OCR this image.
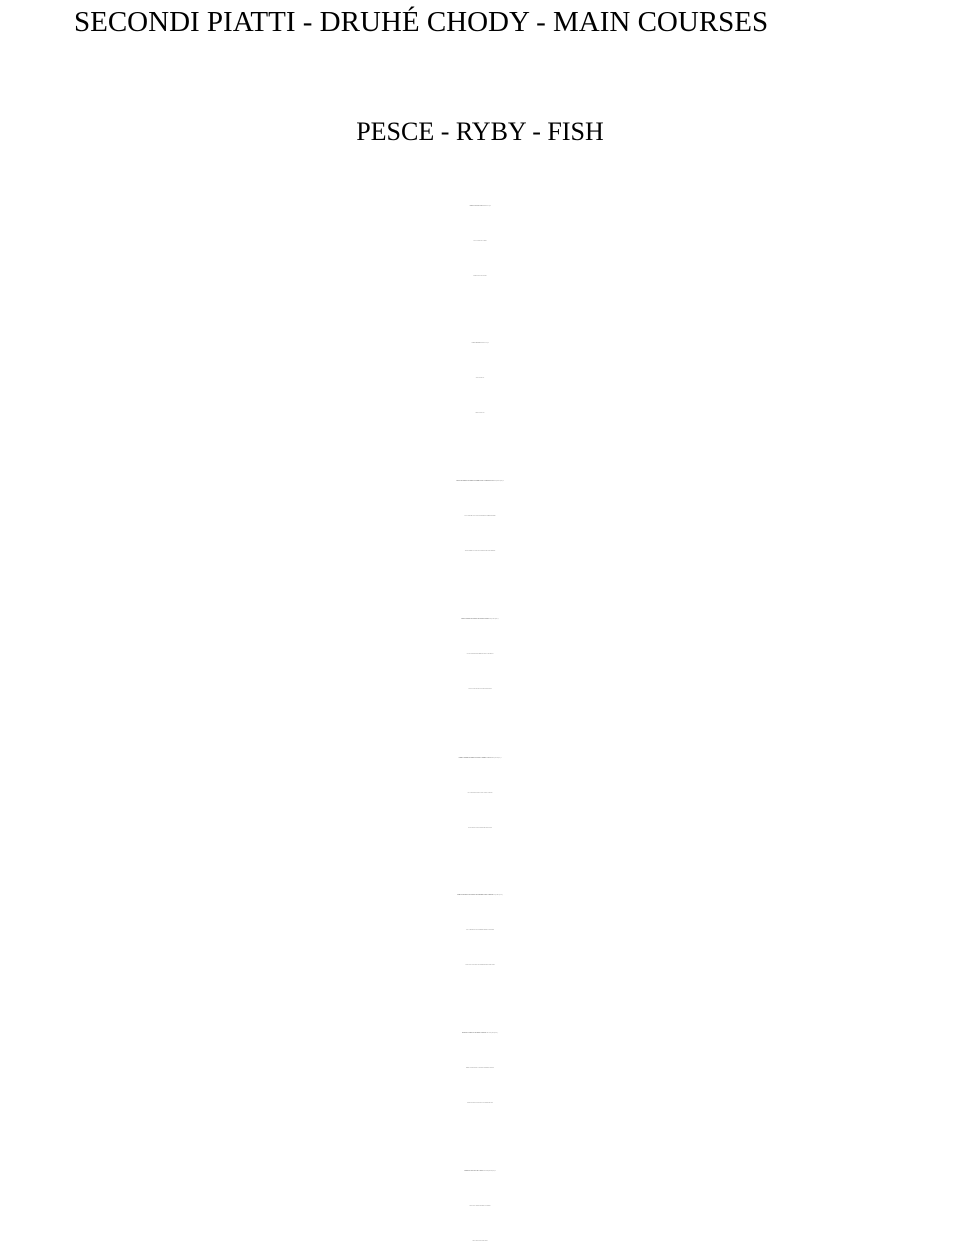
SECONDI PIATTI - DRUHÉ CHODY - MAIN COURSES
PESCE - RYBY - FISH
Gamberi al vino bianco e timo 200g/345 Kč/€14,4
krevety na bílém víně a tymiánu
shrimps in white wine and thyme
Cozze al vino bianco 600g/345 Kč/€14,4
slávky na bílém víně
mussels in white wine
Trancio di salmone alla griglia con pasta d'olive e pomodori secchi 200g/325 Kč/€13,5
filet z lososa na grilu s olivovou tapenádou a sušenými rajčaty
grilled salmon fillet with olive tapenade and dried tomatoes
Trancio di tonno alla griglia con ravanello bianco 200g/425 Kč/€17,7
filet ze žlutoploutvého tuňáka na grilu s bílou ředkví
grilled yellow-fin tuna fillet with white radish
Filetto di halibut alla griglia con glacé al limetta e zenzero 200g/425 Kč/€17,7
filet z halibuta na grilu s glazé z limety a zázvoru
grilled halibut fillet with lime and ginger glacé
Filetto di lucioperca alla griglia con prosciutto crudo e fagiolini 200g/425 Kč/€17,7
filet z candáta na grilu s parmskou šunkou a fazolkami
grilled pike perch fillet with parma ham and green beans
Branzino al cartoccio con limone a basilico cca 300g/425 Kč/€17,7
mořský okoun pečený v papilotě s citronem a bazalkou
baked sea bass "en papillote" with lemon and basil
Platessa al forno alle erbe e burro cca 500g/385 Kč/€16,04
platýs velký pečený na másle a bylinkách
baked plaice with herb butter
